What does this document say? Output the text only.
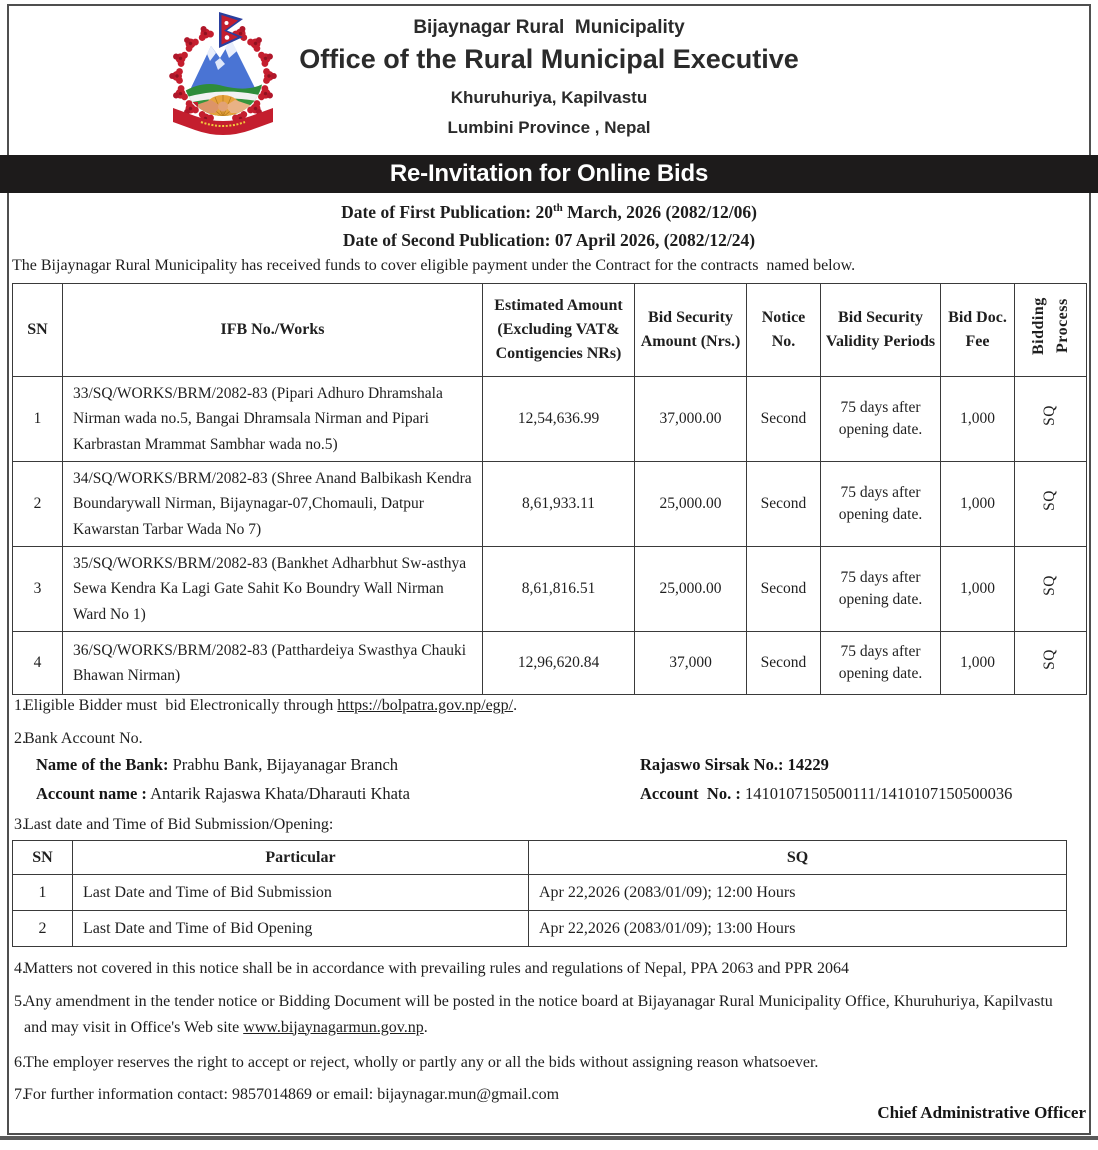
Bijaynagar Rural  Municipality
Office of the Rural Municipal Executive
Khuruhuriya, Kapilvastu
Lumbini Province , Nepal
Re-Invitation for Online Bids
Date of First Publication: 20th March, 2026 (2082/12/06)
Date of Second Publication: 07 April 2026, (2082/12/24)
The Bijaynagar Rural Municipality has received funds to cover eligible payment under the Contract for the contracts  named below.
SN	IFB No./Works	Estimated Amount (Excluding VAT& Contigencies NRs)	Bid Security Amount (Nrs.)	Notice No.	Bid Security Validity Periods	Bid Doc. Fee	Bidding Process
1	33/SQ/WORKS/BRM/2082-83 (Pipari Adhuro Dhramshala Nirman wada no.5, Bangai Dhramsala Nirman and Pipari Karbrastan Mrammat Sambhar wada no.5)	12,54,636.99	37,000.00	Second	75 days after opening date.	1,000	SQ
2	34/SQ/WORKS/BRM/2082-83 (Shree Anand Balbikash Kendra Boundarywall Nirman, Bijaynagar-07,Chomauli, Datpur Kawarstan Tarbar Wada No 7)	8,61,933.11	25,000.00	Second	75 days after opening date.	1,000	SQ
3	35/SQ/WORKS/BRM/2082-83 (Bankhet Adharbhut Sw-asthya Sewa Kendra Ka Lagi Gate Sahit Ko Boundry Wall Nirman Ward No 1)	8,61,816.51	25,000.00	Second	75 days after opening date.	1,000	SQ
4	36/SQ/WORKS/BRM/2082-83 (Patthardeiya Swasthya Chauki Bhawan Nirman)	12,96,620.84	37,000	Second	75 days after opening date.	1,000	SQ
1.
Eligible Bidder must  bid Electronically through https://bolpatra.gov.np/egp/.
2.
Bank Account No.
Name of the Bank: Prabhu Bank, Bijayanagar Branch	Rajaswo Sirsak No.: 14229
Account name : Antarik Rajaswa Khata/Dharauti Khata	Account  No. : 1410107150500111/1410107150500036
3.
Last date and Time of Bid Submission/Opening:
SN	Particular	SQ
1	Last Date and Time of Bid Submission	Apr 22,2026 (2083/01/09); 12:00 Hours
2	Last Date and Time of Bid Opening	Apr 22,2026 (2083/01/09); 13:00 Hours
4.
Matters not covered in this notice shall be in accordance with prevailing rules and regulations of Nepal, PPA 2063 and PPR 2064
5.
Any amendment in the tender notice or Bidding Document will be posted in the notice board at Bijayanagar Rural Municipality Office, Khuruhuriya, Kapilvastu and may visit in Office's Web site www.bijaynagarmun.gov.np.
6.
The employer reserves the right to accept or reject, wholly or partly any or all the bids without assigning reason whatsoever.
7.
For further information contact: 9857014869 or email: bijaynagar.mun@gmail.com
Chief Administrative Officer
